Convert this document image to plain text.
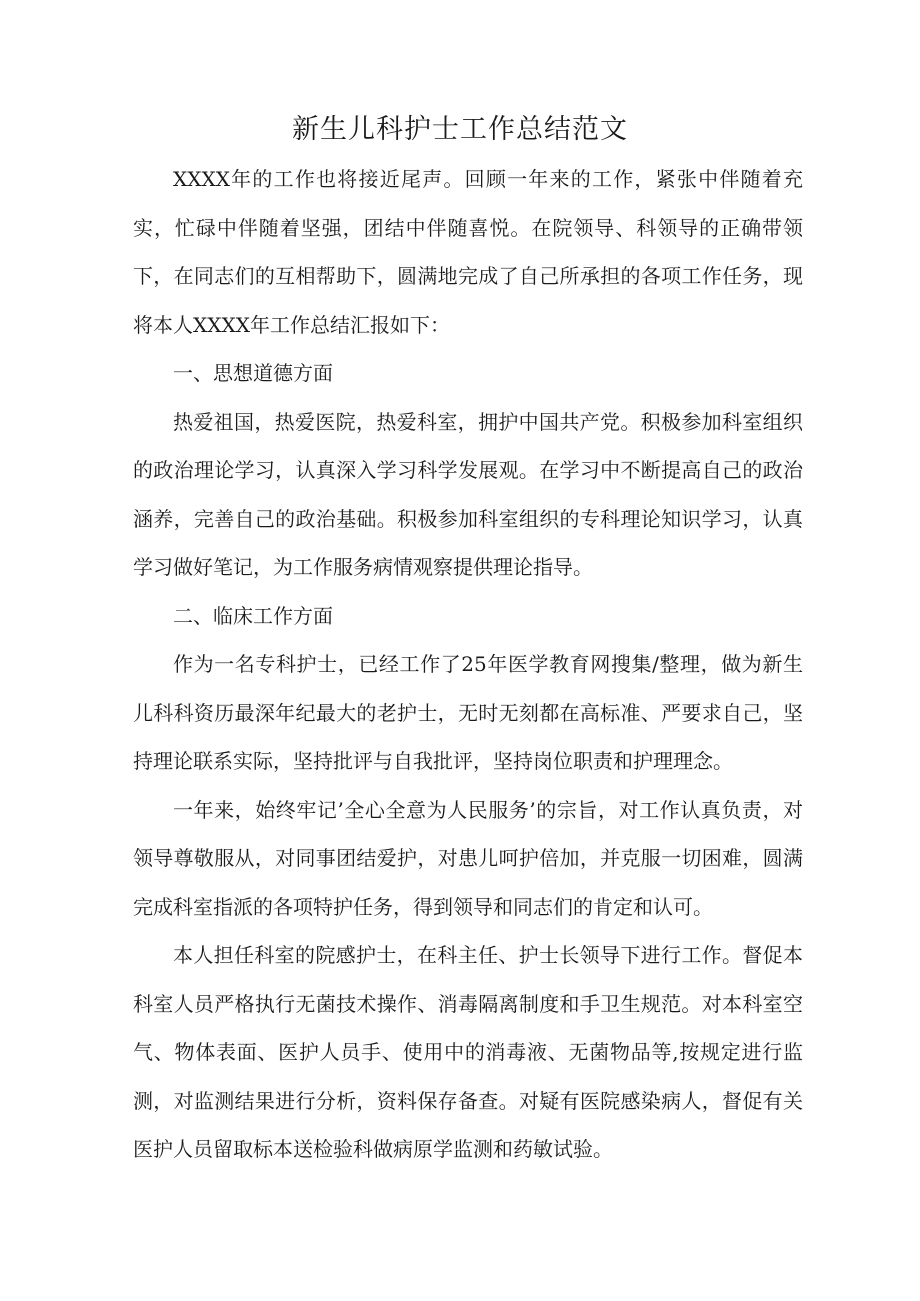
新生儿科护士工作总结范文

XXXX年的工作也将接近尾声。回顾一年来的工作，紧张中伴随着充实，忙碌中伴随着坚强，团结中伴随喜悦。在院领导、科领导的正确带领下，在同志们的互相帮助下，圆满地完成了自己所承担的各项工作任务，现将本人XXXX年工作总结汇报如下：

一、思想道德方面

热爱祖国，热爱医院，热爱科室，拥护中国共产党。积极参加科室组织的政治理论学习，认真深入学习科学发展观。在学习中不断提高自己的政治涵养，完善自己的政治基础。积极参加科室组织的专科理论知识学习，认真学习做好笔记，为工作服务病情观察提供理论指导。

二、临床工作方面

作为一名专科护士，已经工作了25年医学教育网搜集/整理，做为新生儿科科资历最深年纪最大的老护士，无时无刻都在高标准、严要求自己，坚持理论联系实际，坚持批评与自我批评，坚持岗位职责和护理理念。

一年来，始终牢记’全心全意为人民服务’的宗旨，对工作认真负责，对领导尊敬服从，对同事团结爱护，对患儿呵护倍加，并克服一切困难，圆满完成科室指派的各项特护任务，得到领导和同志们的肯定和认可。

本人担任科室的院感护士，在科主任、护士长领导下进行工作。督促本科室人员严格执行无菌技术操作、消毒隔离制度和手卫生规范。对本科室空气、物体表面、医护人员手、使用中的消毒液、无菌物品等,按规定进行监测，对监测结果进行分析，资料保存备查。对疑有医院感染病人，督促有关医护人员留取标本送检验科做病原学监测和药敏试验。
